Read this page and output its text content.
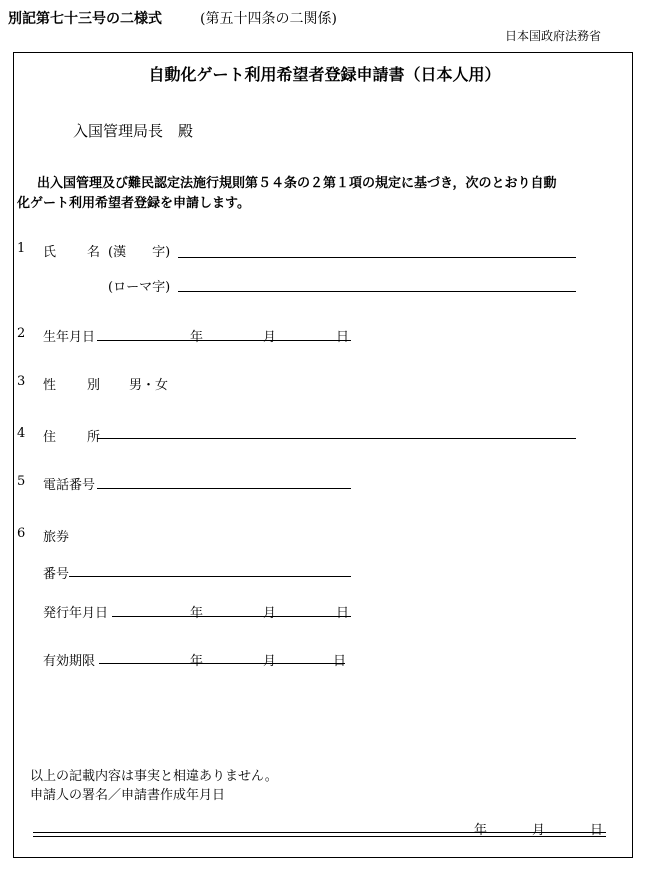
別記第七十三号の二様式	(第五十四条の二関係)
日本国政府法務省
自動化ゲート利用希望者登録申請書（日本人用）
入国管理局長　殿
出入国管理及び難民認定法施行規則第５４条の２第１項の規定に基づき，次のとおり自動
化ゲート利用希望者登録を申請します。
1 氏 名 (漢　　字)
(ローマ字)
2 生年月日	年	月	日
3 性 別 男・女
4 住 所
5 電話番号
6 旅券
番号
発行年月日	年	月	日
有効期限	年	月	日
以上の記載内容は事実と相違ありません。
申請人の署名／申請書作成年月日
年	月	日
